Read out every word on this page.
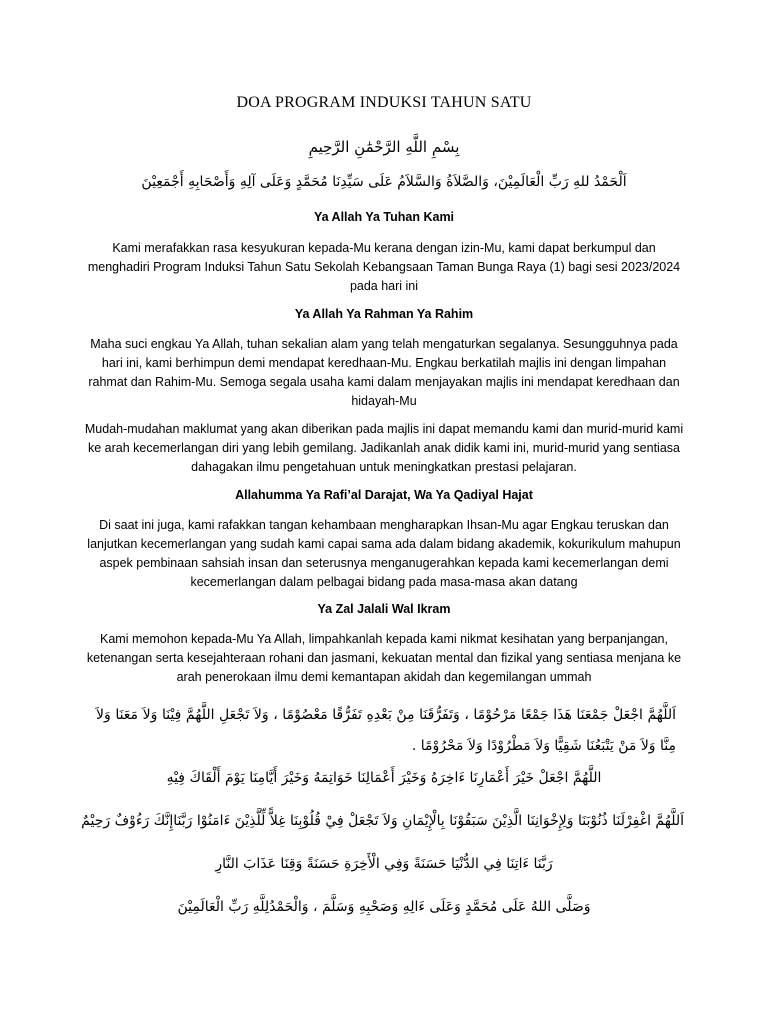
DOA PROGRAM INDUKSI TAHUN SATU

بِسْمِ اللَّهِ الرَّحْمَٰنِ الرَّحِيمِ

اَلْحَمْدُ للهِ رَبِّ الْعَالَمِيْنَ، وَالصَّلاَةُ وَالسَّلاَمُ عَلَى سَيِّدِنَا مُحَمَّدٍ وَعَلَى آلِهِ وَأَصْحَابِهِ أَجْمَعِيْنَ

Ya Allah Ya Tuhan Kami

Kami merafakkan rasa kesyukuran kepada-Mu kerana dengan izin-Mu, kami dapat berkumpul dan menghadiri Program Induksi Tahun Satu Sekolah Kebangsaan Taman Bunga Raya (1) bagi sesi 2023/2024 pada hari ini

Ya Allah Ya Rahman Ya Rahim

Maha suci engkau Ya Allah, tuhan sekalian alam yang telah mengaturkan segalanya. Sesungguhnya pada hari ini, kami berhimpun demi mendapat keredhaan-Mu. Engkau berkatilah majlis ini dengan limpahan rahmat dan Rahim-Mu. Semoga segala usaha kami dalam menjayakan majlis ini mendapat keredhaan dan hidayah-Mu

Mudah-mudahan maklumat yang akan diberikan pada majlis ini dapat memandu kami dan murid-murid kami ke arah kecemerlangan diri yang lebih gemilang. Jadikanlah anak didik kami ini, murid-murid yang sentiasa dahagakan ilmu pengetahuan untuk meningkatkan prestasi pelajaran.

Allahumma Ya Rafi’al Darajat, Wa Ya Qadiyal Hajat

Di saat ini juga, kami rafakkan tangan kehambaan mengharapkan Ihsan-Mu agar Engkau teruskan dan lanjutkan kecemerlangan yang sudah kami capai sama ada dalam bidang akademik, kokurikulum mahupun aspek pembinaan sahsiah insan dan seterusnya menganugerahkan kepada kami kecemerlangan demi kecemerlangan dalam pelbagai bidang pada masa-masa akan datang

Ya Zal Jalali Wal Ikram

Kami memohon kepada-Mu Ya Allah, limpahkanlah kepada kami nikmat kesihatan yang berpanjangan, ketenangan serta kesejahteraan rohani dan jasmani, kekuatan mental dan fizikal yang sentiasa menjana ke arah penerokaan ilmu demi kemantapan akidah dan kegemilangan ummah

اَللَّهُمَّ اجْعَلْ جَمْعَنَا هَذَا جَمْعًا مَرْحُوْمًا ، وَتَفَرُّقَنَا مِنْ بَعْدِهِ تَفَرُّقًا مَعْصُوْمًا ، وَلاَ تَجْعَلِ اللَّهُمَّ فِيْنَا وَلاَ مَعَنَا وَلاَ مِنَّا وَلاَ مَنْ يَتْبَعُنَا شَقِيًّا وَلاَ مَطْرُوْدًا وَلاَ مَحْرُوْمًا .

اللَّهُمَّ اجْعَلْ خَيْرَ أَعْمَارِنَا ءَاخِرَهُ وَخَيْرَ أَعْمَالِنَا خَوَاتِمَهُ وَخَيْرَ أَيَّامِنَا يَوْمَ أَلْقَاكَ فِيْهِ

اَللَّهُمَّ اغْفِرْلَنَا ذُنُوْبَنَا وَلِإِخْوَانِنَا الَّذِيْنَ سَبَقُوْنَا بِالْإِيْمَانِ وَلاَ تَجْعَلْ فِيْ قُلُوْبِنَا غِلاًّ لِّلَّذِيْنَ ءَامَنُوْا رَبَّنَاإِنَّكَ رَءُوْفٌ رَحِيْمٌ

رَبَّنَا ءَاتِنَا فِي الدُّنْيَا حَسَنَةً وَفِي الْأَخِرَةِ حَسَنَةً وَقِنَا عَذَابَ النَّارِ

وَصَلَّى اللهُ عَلَى مُحَمَّدٍ وَعَلَى ءَالِهِ وَصَحْبِهِ وَسَلَّمَ ، وَالْحَمْدُلِلَّهِ رَبِّ الْعَالَمِيْنَ
